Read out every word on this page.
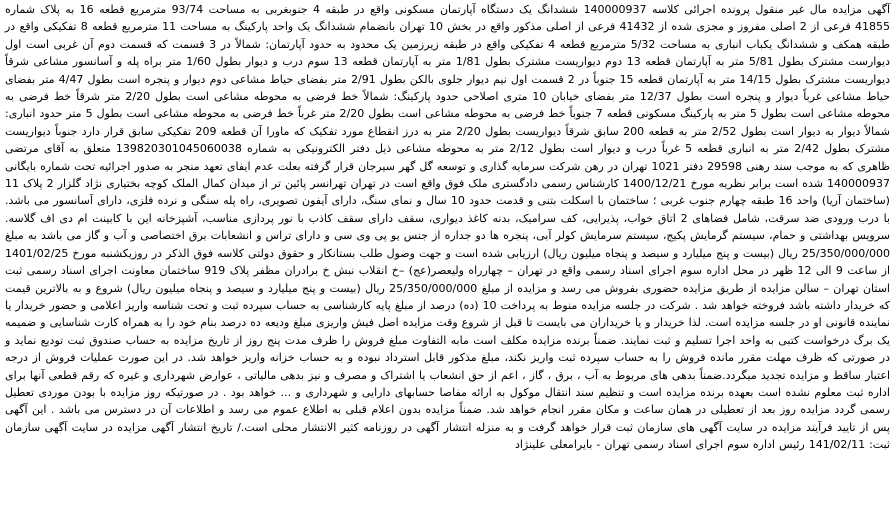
آگهی مزایده مال غیر منقول پرونده اجرائی کلاسه 140000937 ششدانگ یک دستگاه آپارتمان مسکونی واقع در طبقه 4 جنوبغربی به مساحت 93/74 مترمربع قطعه 16 به پلاک شماره 41855 فرعی از 2 اصلی مفروز و مجزی شده از 41432 فرعی از اصلی مذکور واقع در بخش 10 تهران بانضمام ششدانگ یک واحد پارکینگ به مساحت 11 مترمربع قطعه 8 تفکیکی واقع در طبقه همکف و ششدانگ یکباب انباری به مساحت 5/32 مترمربع قطعه 4 تفکیکی واقع در طبقه زیرزمین یک محدود به حدود آپارتمان: شمالاً در 3 قسمت که قسمت دوم آن غربی است اول دیوارست مشترک بطول 5/81 متر به آپارتمان قطعه 13 دوم دیواریست مشترک بطول 1/81 متر به آپارتمان قطعه 13 سوم درب و دیوار بطول 1/60 متر براه پله و آسانسور مشاعی شرقاً دیواریست مشترک بطول 14/15 متر به آپارتمان قطعه 15 جنوباً در 2 قسمت اول نیم دیوار جلوی بالکن بطول 2/91 متر بفضای حیاط مشاعی دوم دیوار و پنجره است بطول 4/47 متر بفضای حیاط مشاعی غرباً دیوار و پنجره است بطول 12/37 متر بفضای خیابان 10 متری اصلاحی حدود پارکینگ: شمالاً خط فرضی به محوطه مشاعی است بطول 2/20 متر شرقاً خط فرضی به محوطه مشاعی است بطول 5 متر به پارکینگ مسکونی قطعه 7 جنوباً خط فرضی به محوطه مشاعی است بطول 2/20 متر غرباً خط فرضی به محوطه مشاعی است بطول 5 متر حدود انباری: شمالاً دیوار به دیوار است بطول 2/52 متر به قطعه 200 سابق شرقاً دیواریست بطول 2/20 متر به درز انقطاع مورد تفکیک که ماورا آن قطعه 209 تفکیکی سابق قرار دارد جنوباً دیواریست مشترک بطول 2/42 متر به انباری قطعه 5 غرباً درب و دیوار است بطول 2/12 متر به محوطه مشاعی ذیل دفتر الکترونیکی به شماره 139820301045060038 متعلق به آقای مرتضی ظاهری که به موجب سند رهنی 29598 دفتر 1021 تهران در رهن شرکت سرمایه گذاری و توسعه گل گهر سیرجان قرار گرفته بعلت عدم ایفای تعهد منجر به صدور اجرائیه تحت شماره بایگانی 140000937 شده است برابر نظریه مورخ 1400/12/21 کارشناس رسمی دادگستری ملک فوق واقع است در تهران تهرانسر پائین تر از میدان کمال الملک کوچه بختیاری نژاد گلزار 2 پلاک 11 (ساختمان آریا) واحد 16 طبقه چهارم جنوب غربی ؛ ساختمان با اسکلت بتنی و قدمت حدود 10 سال و نمای سنگ، دارای آیفون تصویری، راه پله سنگی و نرده فلزی، دارای آسانسور می باشد. با درب ورودی ضد سرقت، شامل فضاهای 2 اتاق خواب، پذیرایی، کف سرامیک، بدنه کاغذ دیواری، سقف دارای سقف کاذب با نور پردازی مناسب، آشپزخانه این با کابینت ام دی اف گلاسه. سرویس بهداشتی و حمام، سیستم گرمایش پکیج، سیستم سرمایش کولر آبی، پنجره ها دو جداره از جنس یو پی وی سی و دارای تراس و انشعابات برق اختصاصی و آب و گاز می باشد به مبلغ 25/350/000/000 ریال (بیست و پنج میلیارد و سیصد و پنجاه میلیون ریال) ارزیابی شده است و جهت وصول طلب بستانکار و حقوق دولتی کلاسه فوق الذکر در روزیکشنبه مورخ 1401/02/25 از ساعت 9 الی 12 ظهر در محل اداره سوم اجرای اسناد رسمی واقع در تهران – چهارراه ولیعصر(عج) –خ انقلاب نبش خ برادران مظفر پلاک 919 ساختمان معاونت اجرای اسناد رسمی ثبت استان تهران – سالن مزایده از طریق مزایده حضوری بفروش می رسد و مزایده از مبلغ 25/350/000/000 ریال (بیست و پنج میلیارد و سیصد و پنجاه میلیون ریال) شروع و به بالاترین قیمت که خریدار داشته باشد فروخته خواهد شد . شرکت در جلسه مزایده منوط به پرداخت 10 (ده) درصد از مبلغ پایه کارشناسی به حساب سپرده ثبت و تحت شناسه واریز اعلامی و حضور خریدار یا نماینده قانونی او در جلسه مزایده است. لذا خریدار و یا خریداران می بایست تا قبل از شروع وقت مزایده اصل فیش واریزی مبلغ ودیعه ده درصد بنام خود را به همراه کارت شناسایی و ضمیمه یک برگ درخواست کتبی به واحد اجرا تسلیم و ثبت نمایند. ضمناً برنده مزایده مکلف است مابه التفاوت مبلغ فروش را ظرف مدت پنج روز از تاریخ مزایده به حساب صندوق ثبت تودیع نماید و در صورتی که ظرف مهلت مقرر مانده فروش را به حساب سپرده ثبت واریز نکند، مبلغ مذکور قابل استرداد نبوده و به حساب خزانه واریز خواهد شد. در این صورت عملیات فروش از درجه اعتبار ساقط و مزایده تجدید میگردد.ضمناً بدهی های مربوط به آب ، برق ، گاز ، اعم از حق انشعاب یا اشتراک و مصرف و نیز بدهی مالیاتی ، عوارض شهرداری و غیره که رقم قطعی آنها برای اداره ثبت معلوم نشده است بعهده برنده مزایده است و تنظیم سند انتقال موکول به ارائه مفاصا حسابهای دارایی و شهرداری و ... خواهد بود . در صورتیکه روز مزایده با بودن موردی تعطیل رسمی گردد مزایده روز بعد از تعطیلی در همان ساعت و مکان مقرر انجام خواهد شد. ضمناً مزایده بدون اعلام قبلی به اطلاع عموم می رسد و اطلاعات آن در دسترس می باشد . این آگهی پس از تایید فرآیند مزایده در سایت آگهی های سازمان ثبت قرار خواهد گرفت و به منزله انتشار آگهی در روزنامه کثیر الانتشار محلی است./ تاریخ انتشار آگهی مزایده در سایت آگهی سازمان ثبت: 141/02/11 رئیس اداره سوم اجرای اسناد رسمی تهران - بایرامعلی علینژاد
